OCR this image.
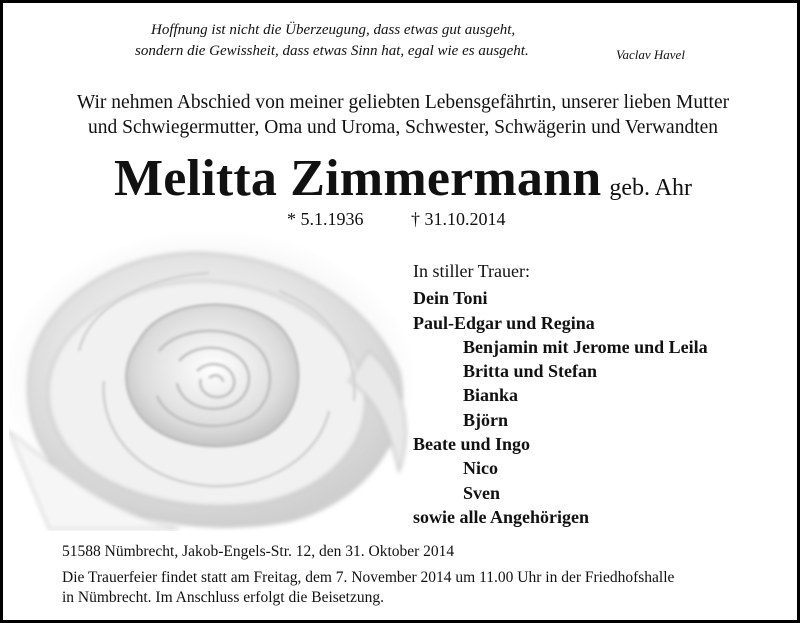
Hoffnung ist nicht die Überzeugung, dass etwas gut ausgeht,
sondern die Gewissheit, dass etwas Sinn hat, egal wie es ausgeht.	Vaclav Havel
Wir nehmen Abschied von meiner geliebten Lebensgefährtin, unserer lieben Mutter
und Schwiegermutter, Oma und Uroma, Schwester, Schwägerin und Verwandten
Melitta Zimmermann geb. Ahr
* 5.1.1936	† 31.10.2014
In stiller Trauer:
Dein Toni
Paul-Edgar und Regina
Benjamin mit Jerome und Leila
Britta und Stefan
Bianka
Björn
Beate und Ingo
Nico
Sven
sowie alle Angehörigen
51588 Nümbrecht, Jakob-Engels-Str. 12, den 31. Oktober 2014
Die Trauerfeier findet statt am Freitag, dem 7. November 2014 um 11.00 Uhr in der Friedhofshalle
in Nümbrecht. Im Anschluss erfolgt die Beisetzung.
